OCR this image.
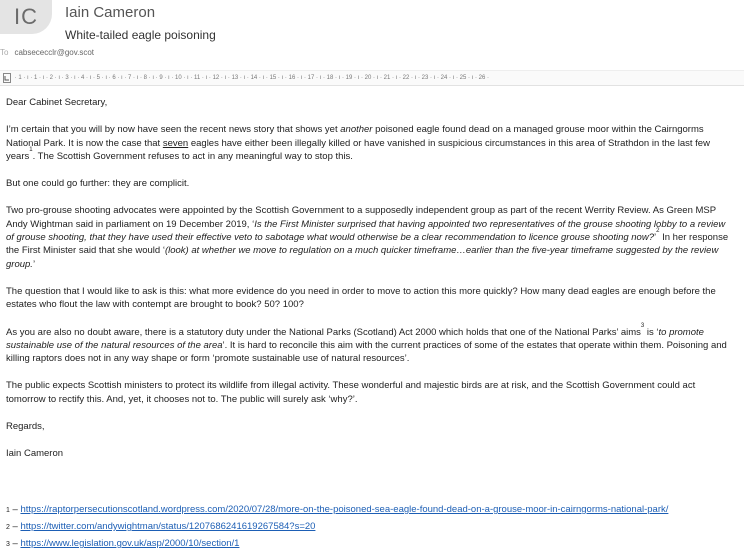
IC	Iain Cameron
White-tailed eagle poisoning
To cabsececclr@gov.scot
· 1 · ı · 1 · ı · 2 · ı · 3 · ı · 4 · ı · 5 · ı · 6 · ı · 7 · ı · 8 · ı · 9 · ı · 10 · ı · 11 · ı · 12 · ı · 13 · ı · 14 · ı · 15 · ı · 16 · ı · 17 · ı · 18 · ı · 19 · ı · 20 · ı · 21 · ı · 22 · ı · 23 · ı · 24 · ı · 25 · ı · 26 ·

Dear Cabinet Secretary,

I’m certain that you will by now have seen the recent news story that shows yet another poisoned eagle found dead on a managed grouse moor within the Cairngorms National Park. It is now the case that seven eagles have either been illegally killed or have vanished in suspicious circumstances in this area of Strathdon in the last few years$^1$. The Scottish Government refuses to act in any meaningful way to stop this.

But one could go further: they are complicit.

Two pro-grouse shooting advocates were appointed by the Scottish Government to a supposedly independent group as part of the recent Werrity Review. As Green MSP Andy Wightman said in parliament on 19 December 2019, ‘Is the First Minister surprised that having appointed two representatives of the grouse shooting lobby to a review of grouse shooting, that they have used their effective veto to sabotage what would otherwise be a clear recommendation to licence grouse shooting now?’$^2$ In her response the First Minister said that she would ‘(look) at whether we move to regulation on a much quicker timeframe…earlier than the five-year timeframe suggested by the review group.’

The question that I would like to ask is this: what more evidence do you need in order to move to action this more quickly? How many dead eagles are enough before the estates who flout the law with contempt are brought to book? 50? 100?

As you are also no doubt aware, there is a statutory duty under the National Parks (Scotland) Act 2000 which holds that one of the National Parks’ aims$^3$ is ‘to promote sustainable use of the natural resources of the area’. It is hard to reconcile this aim with the current practices of some of the estates that operate within them. Poisoning and killing raptors does not in any way shape or form ‘promote sustainable use of natural resources’.

The public expects Scottish ministers to protect its wildlife from illegal activity. These wonderful and majestic birds are at risk, and the Scottish Government could act tomorrow to rectify this. And, yet, it chooses not to. The public will surely ask ‘why?’.

Regards,

Iain Cameron

1 – https://raptorpersecutionscotland.wordpress.com/2020/07/28/more-on-the-poisoned-sea-eagle-found-dead-on-a-grouse-moor-in-cairngorms-national-park/
2 – https://twitter.com/andywightman/status/1207686241619267584?s=20
3 – https://www.legislation.gov.uk/asp/2000/10/section/1
